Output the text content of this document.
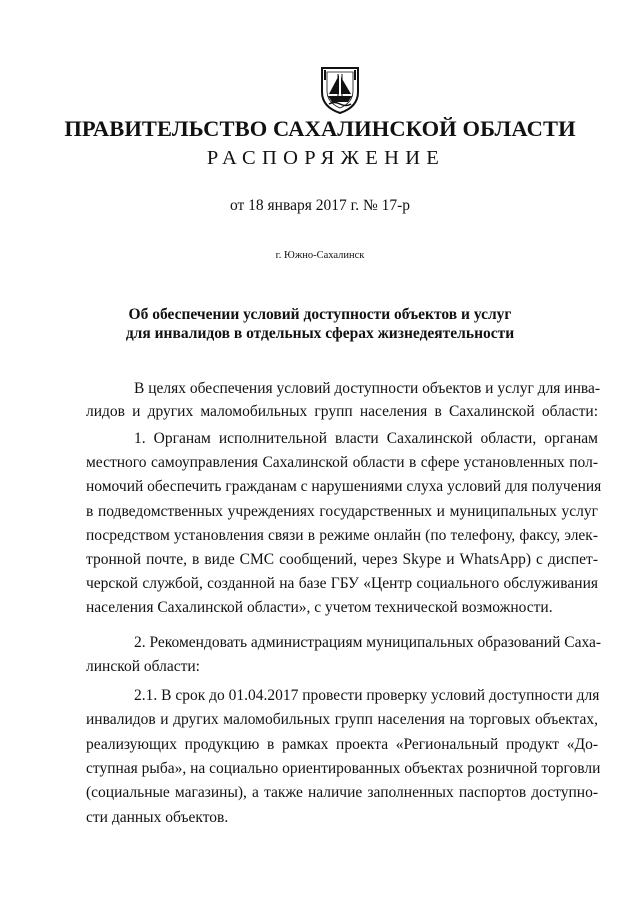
ПРАВИТЕЛЬСТВО САХАЛИНСКОЙ ОБЛАСТИ
РАСПОРЯЖЕНИЕ
от 18 января 2017 г. № 17-р
г. Южно-Сахалинск
Об обеспечении условий доступности объектов и услуг
для инвалидов в отдельных сферах жизнедеятельности
В целях обеспечения условий доступности объектов и услуг для инва-
лидов и других маломобильных групп населения в Сахалинской области:
1. Органам исполнительной власти Сахалинской области, органам
местного самоуправления Сахалинской области в сфере установленных пол-
номочий обеспечить гражданам с нарушениями слуха условий для получения
в подведомственных учреждениях государственных и муниципальных услуг
посредством установления связи в режиме онлайн (по телефону, факсу, элек-
тронной почте, в виде СМС сообщений, через Skype и WhatsApp) с диспет-
черской службой, созданной на базе ГБУ «Центр социального обслуживания
населения Сахалинской области», с учетом технической возможности.
2. Рекомендовать администрациям муниципальных образований Саха-
линской области:
2.1. В срок до 01.04.2017 провести проверку условий доступности для
инвалидов и других маломобильных групп населения на торговых объектах,
реализующих продукцию в рамках проекта «Региональный продукт «До-
ступная рыба», на социально ориентированных объектах розничной торговли
(социальные магазины), а также наличие заполненных паспортов доступно-
сти данных объектов.
